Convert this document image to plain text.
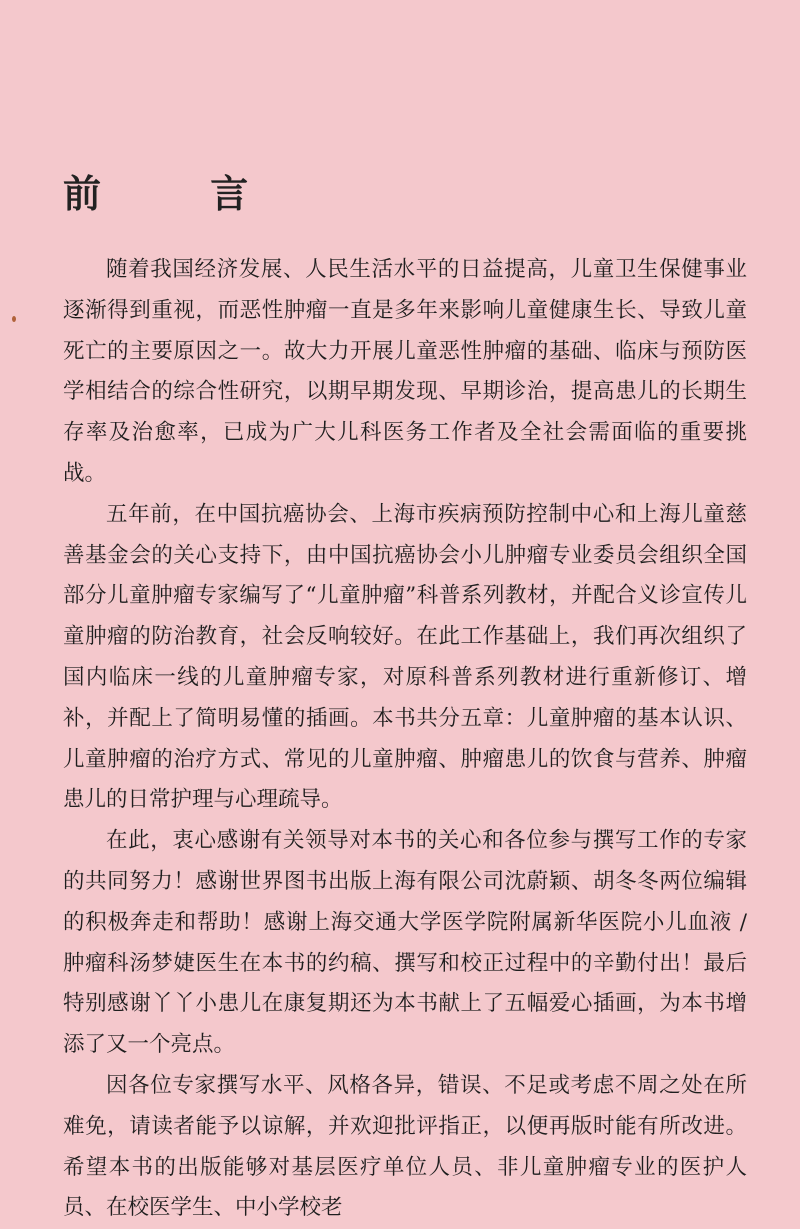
前 言

随着我国经济发展、人民生活水平的日益提高，儿童卫生保健事业逐渐得到重视，而恶性肿瘤一直是多年来影响儿童健康生长、导致儿童死亡的主要原因之一。故大力开展儿童恶性肿瘤的基础、临床与预防医学相结合的综合性研究，以期早期发现、早期诊治，提高患儿的长期生存率及治愈率，已成为广大儿科医务工作者及全社会需面临的重要挑战。

五年前，在中国抗癌协会、上海市疾病预防控制中心和上海儿童慈善基金会的关心支持下，由中国抗癌协会小儿肿瘤专业委员会组织全国部分儿童肿瘤专家编写了“儿童肿瘤”科普系列教材，并配合义诊宣传儿童肿瘤的防治教育，社会反响较好。在此工作基础上，我们再次组织了国内临床一线的儿童肿瘤专家，对原科普系列教材进行重新修订、增补，并配上了简明易懂的插画。本书共分五章：儿童肿瘤的基本认识、儿童肿瘤的治疗方式、常见的儿童肿瘤、肿瘤患儿的饮食与营养、肿瘤患儿的日常护理与心理疏导。

在此，衷心感谢有关领导对本书的关心和各位参与撰写工作的专家的共同努力！感谢世界图书出版上海有限公司沈蔚颖、胡冬冬两位编辑的积极奔走和帮助！感谢上海交通大学医学院附属新华医院小儿血液 / 肿瘤科汤梦婕医生在本书的约稿、撰写和校正过程中的辛勤付出！最后特别感谢丫丫小患儿在康复期还为本书献上了五幅爱心插画，为本书增添了又一个亮点。

因各位专家撰写水平、风格各异，错误、不足或考虑不周之处在所难免，请读者能予以谅解，并欢迎批评指正，以便再版时能有所改进。希望本书的出版能够对基层医疗单位人员、非儿童肿瘤专业的医护人员、在校医学生、中小学校老
